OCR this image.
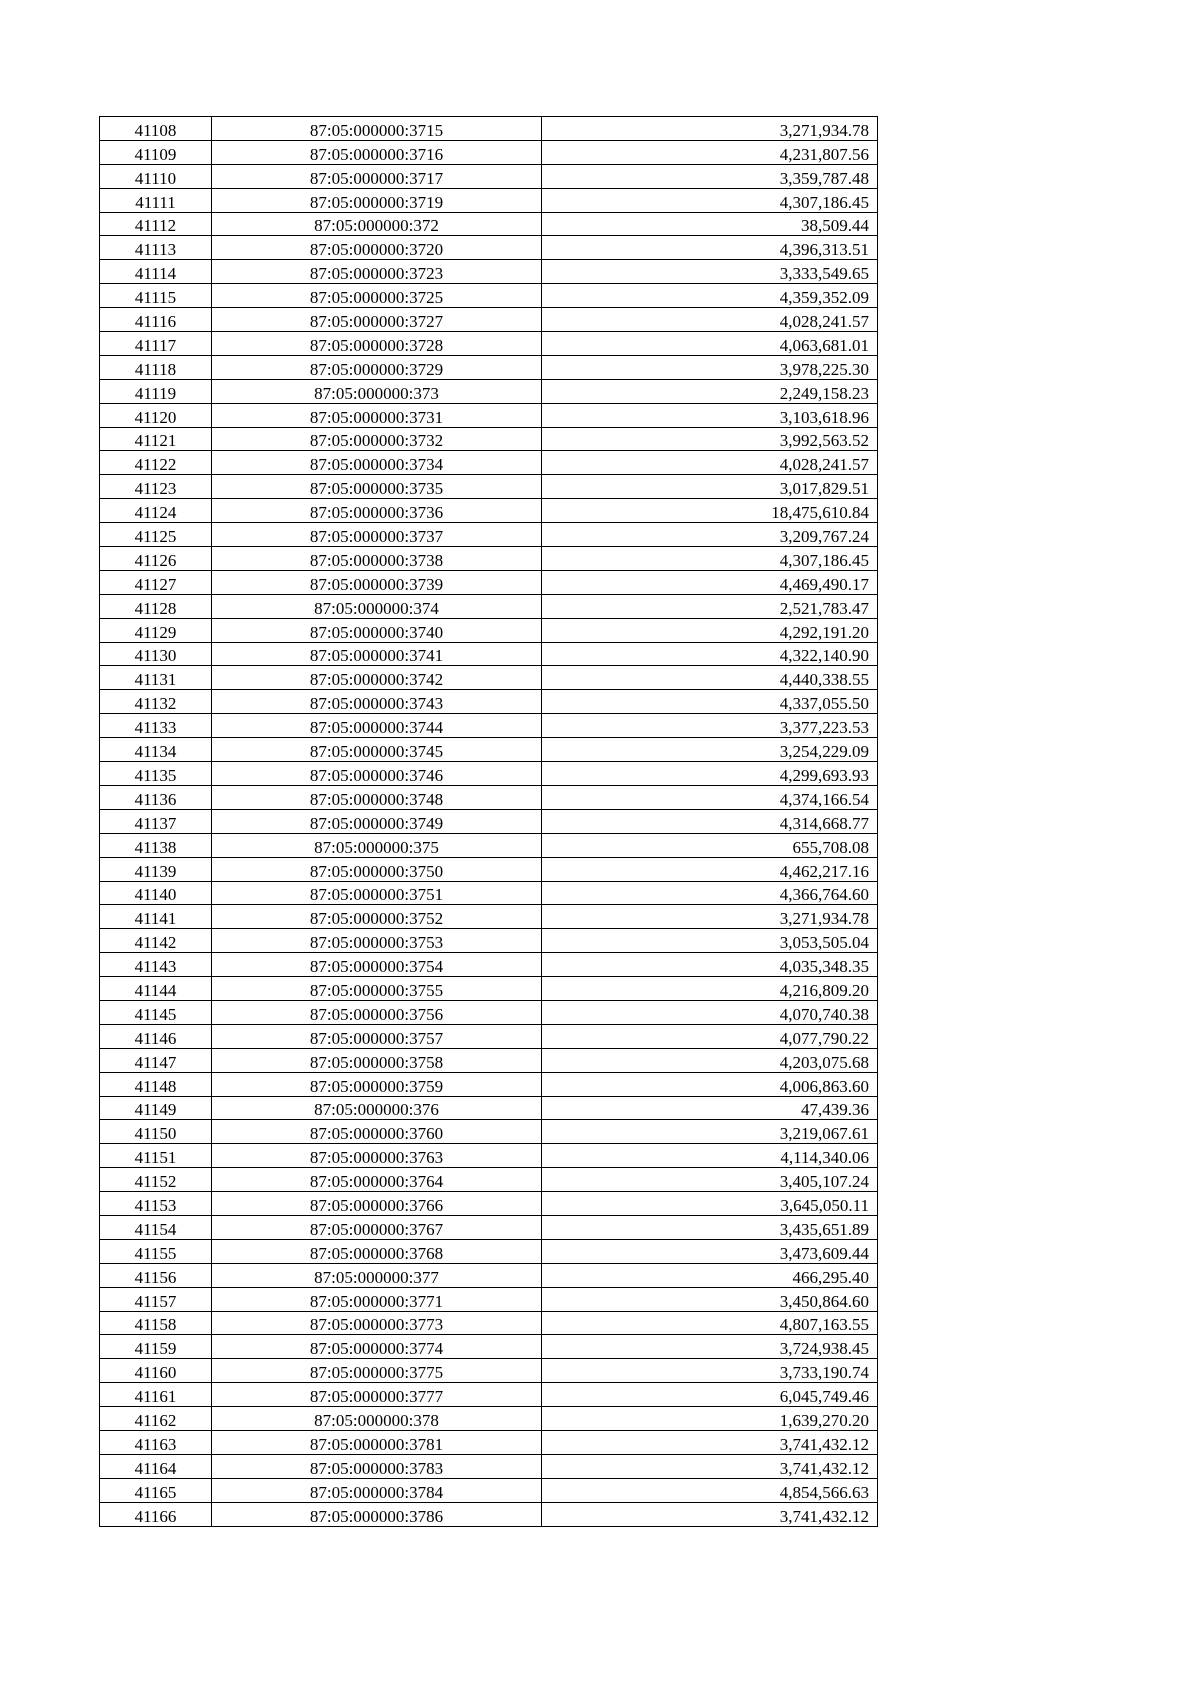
41108	87:05:000000:3715	3,271,934.78
41109	87:05:000000:3716	4,231,807.56
41110	87:05:000000:3717	3,359,787.48
41111	87:05:000000:3719	4,307,186.45
41112	87:05:000000:372	38,509.44
41113	87:05:000000:3720	4,396,313.51
41114	87:05:000000:3723	3,333,549.65
41115	87:05:000000:3725	4,359,352.09
41116	87:05:000000:3727	4,028,241.57
41117	87:05:000000:3728	4,063,681.01
41118	87:05:000000:3729	3,978,225.30
41119	87:05:000000:373	2,249,158.23
41120	87:05:000000:3731	3,103,618.96
41121	87:05:000000:3732	3,992,563.52
41122	87:05:000000:3734	4,028,241.57
41123	87:05:000000:3735	3,017,829.51
41124	87:05:000000:3736	18,475,610.84
41125	87:05:000000:3737	3,209,767.24
41126	87:05:000000:3738	4,307,186.45
41127	87:05:000000:3739	4,469,490.17
41128	87:05:000000:374	2,521,783.47
41129	87:05:000000:3740	4,292,191.20
41130	87:05:000000:3741	4,322,140.90
41131	87:05:000000:3742	4,440,338.55
41132	87:05:000000:3743	4,337,055.50
41133	87:05:000000:3744	3,377,223.53
41134	87:05:000000:3745	3,254,229.09
41135	87:05:000000:3746	4,299,693.93
41136	87:05:000000:3748	4,374,166.54
41137	87:05:000000:3749	4,314,668.77
41138	87:05:000000:375	655,708.08
41139	87:05:000000:3750	4,462,217.16
41140	87:05:000000:3751	4,366,764.60
41141	87:05:000000:3752	3,271,934.78
41142	87:05:000000:3753	3,053,505.04
41143	87:05:000000:3754	4,035,348.35
41144	87:05:000000:3755	4,216,809.20
41145	87:05:000000:3756	4,070,740.38
41146	87:05:000000:3757	4,077,790.22
41147	87:05:000000:3758	4,203,075.68
41148	87:05:000000:3759	4,006,863.60
41149	87:05:000000:376	47,439.36
41150	87:05:000000:3760	3,219,067.61
41151	87:05:000000:3763	4,114,340.06
41152	87:05:000000:3764	3,405,107.24
41153	87:05:000000:3766	3,645,050.11
41154	87:05:000000:3767	3,435,651.89
41155	87:05:000000:3768	3,473,609.44
41156	87:05:000000:377	466,295.40
41157	87:05:000000:3771	3,450,864.60
41158	87:05:000000:3773	4,807,163.55
41159	87:05:000000:3774	3,724,938.45
41160	87:05:000000:3775	3,733,190.74
41161	87:05:000000:3777	6,045,749.46
41162	87:05:000000:378	1,639,270.20
41163	87:05:000000:3781	3,741,432.12
41164	87:05:000000:3783	3,741,432.12
41165	87:05:000000:3784	4,854,566.63
41166	87:05:000000:3786	3,741,432.12
